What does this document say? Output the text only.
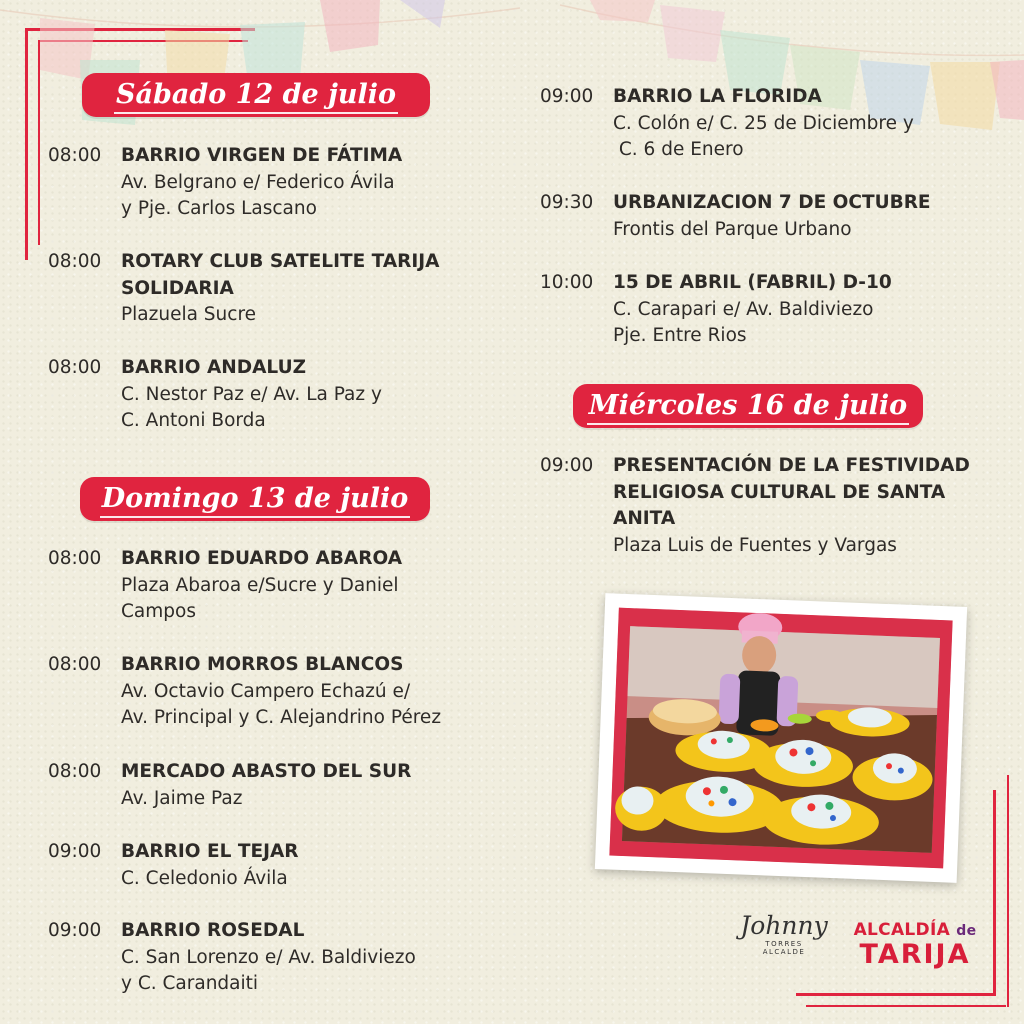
Sábado 12 de julio
Domingo 13 de julio
Miércoles 16 de julio
08:00 BARRIO VIRGEN DE FÁTIMA
Av. Belgrano e/ Federico Ávila
y Pje. Carlos Lascano
08:00 ROTARY CLUB SATELITE TARIJA
SOLIDARIA
Plazuela Sucre
08:00 BARRIO ANDALUZ
C. Nestor Paz e/ Av. La Paz y
C. Antoni Borda
08:00 BARRIO EDUARDO ABAROA
Plaza Abaroa e/Sucre y Daniel
Campos
08:00 BARRIO MORROS BLANCOS
Av. Octavio Campero Echazú e/
Av. Principal y C. Alejandrino Pérez
08:00 MERCADO ABASTO DEL SUR
Av. Jaime Paz
09:00 BARRIO EL TEJAR
C. Celedonio Ávila
09:00 BARRIO ROSEDAL
C. San Lorenzo e/ Av. Baldiviezo
y C. Carandaiti
09:00 BARRIO LA FLORIDA
C. Colón e/ C. 25 de Diciembre y
C. 6 de Enero
09:30 URBANIZACION 7 DE OCTUBRE
Frontis del Parque Urbano
10:00 15 DE ABRIL (FABRIL) D-10
C. Carapari e/ Av. Baldiviezo
Pje. Entre Rios
09:00 PRESENTACIÓN DE LA FESTIVIDAD
RELIGIOSA CULTURAL DE SANTA
ANITA
Plaza Luis de Fuentes y Vargas
Johnny
TORRES
ALCALDE
ALCALDÍA de
TARIJA
